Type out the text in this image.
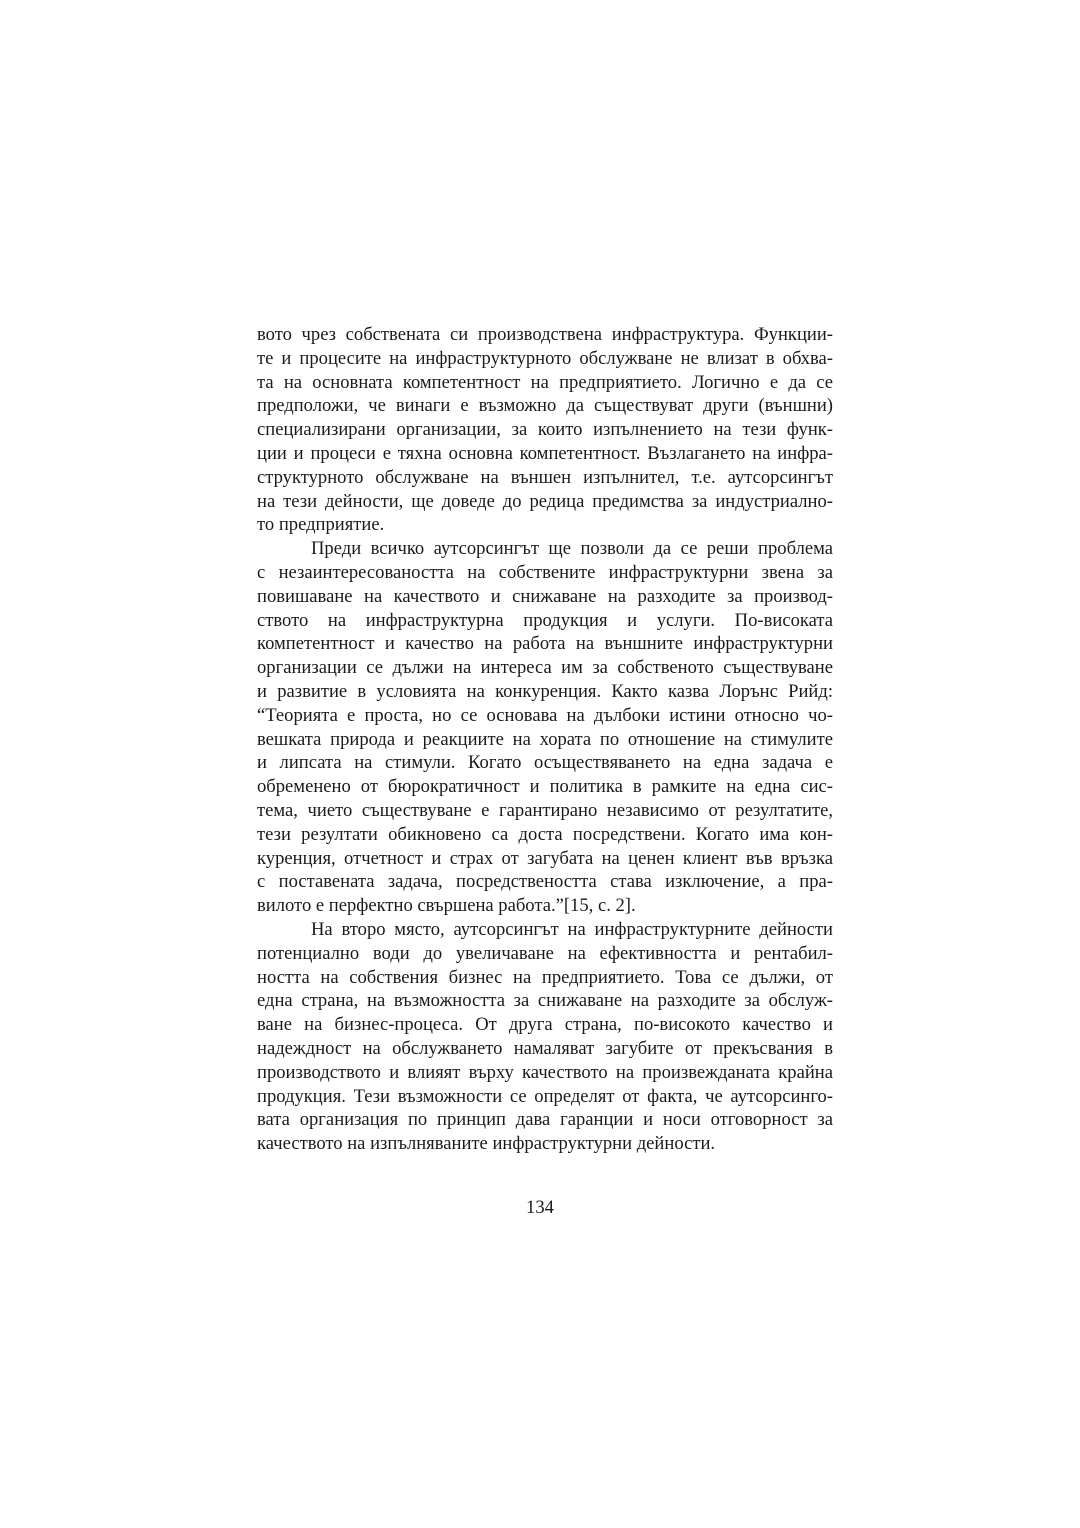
вото чрез собствената си производствена инфраструктура. Функции-
те и процесите на инфраструктурното обслужване не влизат в обхва-
та на основната компетентност на предприятието. Логично е да се
предположи, че винаги е възможно да съществуват други (външни)
специализирани организации, за които изпълнението на тези функ-
ции и процеси е тяхна основна компетентност. Възлагането на инфра-
структурното обслужване на външен изпълнител, т.е. аутсорсингът
на тези дейности, ще доведе до редица предимства за индустриално-
то предприятие.
Преди всичко аутсорсингът ще позволи да се реши проблема
с незаинтересоваността на собствените инфраструктурни звена за
повишаване на качеството и снижаване на разходите за производ-
ството на инфраструктурна продукция и услуги. По-високата
компетентност и качество на работа на външните инфраструктурни
организации се дължи на интереса им за собственото съществуване
и развитие в условията на конкуренция. Както казва Лорънс Рийд:
“Теорията е проста, но се основава на дълбоки истини относно чо-
вешката природа и реакциите на хората по отношение на стимулите
и липсата на стимули. Когато осъществяването на една задача е
обременено от бюрократичност и политика в рамките на една сис-
тема, чието съществуване е гарантирано независимо от резултатите,
тези резултати обикновено са доста посредствени. Когато има кон-
куренция, отчетност и страх от загубата на ценен клиент във връзка
с поставената задача, посредствеността става изключение, а пра-
вилото е перфектно свършена работа.”[15, с. 2].
На второ място, аутсорсингът на инфраструктурните дейности
потенциално води до увеличаване на ефективността и рентабил-
ността на собствения бизнес на предприятието. Това се дължи, от
една страна, на възможността за снижаване на разходите за обслуж-
ване на бизнес-процеса. От друга страна, по-високото качество и
надеждност на обслужването намаляват загубите от прекъсвания в
производството и влияят върху качеството на произвежданата крайна
продукция. Тези възможности се определят от факта, че аутсорсинго-
вата организация по принцип дава гаранции и носи отговорност за
качеството на изпълняваните инфраструктурни дейности.
134
